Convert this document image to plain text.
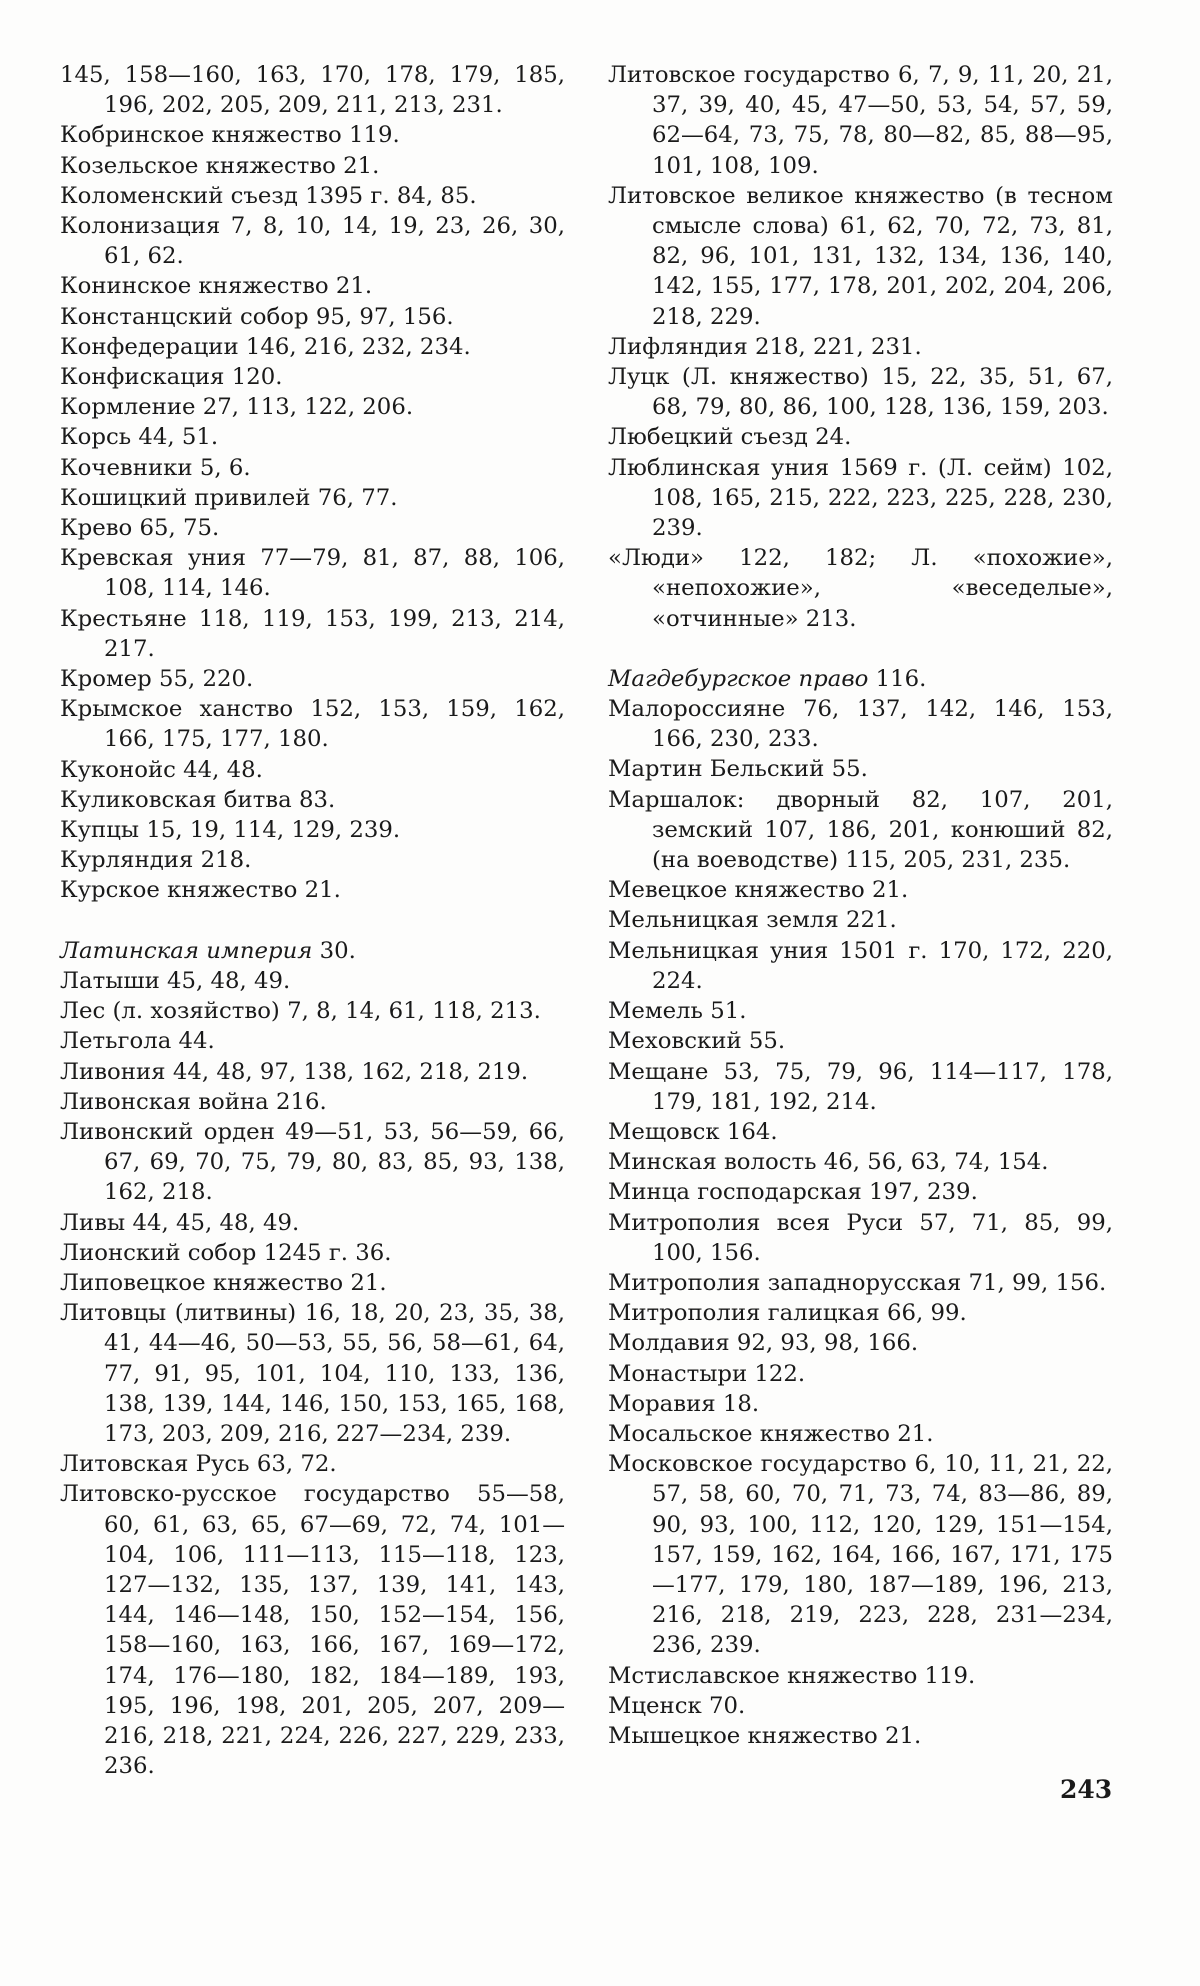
145, 158—160, 163, 170, 178, 179, 185, 196, 202, 205, 209, 211, 213, 231.

Кобринское княжество 119.

Козельское княжество 21.

Коломенский съезд 1395 г. 84, 85.

Колонизация 7, 8, 10, 14, 19, 23, 26, 30, 61, 62.

Конинское княжество 21.

Констанцский собор 95, 97, 156.

Конфедерации 146, 216, 232, 234.

Конфискация 120.

Кормление 27, 113, 122, 206.

Корсь 44, 51.

Кочевники 5, 6.

Кошицкий привилей 76, 77.

Крево 65, 75.

Кревская уния 77—79, 81, 87, 88, 106, 108, 114, 146.

Крестьяне 118, 119, 153, 199, 213, 214, 217.

Кромер 55, 220.

Крымское ханство 152, 153, 159, 162, 166, 175, 177, 180.

Куконойс 44, 48.

Куликовская битва 83.

Купцы 15, 19, 114, 129, 239.

Курляндия 218.

Курское княжество 21.

Латинская империя 30.

Латыши 45, 48, 49.

Лес (л. хозяйство) 7, 8, 14, 61, 118, 213.

Летьгола 44.

Ливония 44, 48, 97, 138, 162, 218, 219.

Ливонская война 216.

Ливонский орден 49—51, 53, 56—59, 66, 67, 69, 70, 75, 79, 80, 83, 85, 93, 138, 162, 218.

Ливы 44, 45, 48, 49.

Лионский собор 1245 г. 36.

Липовецкое княжество 21.

Литовцы (литвины) 16, 18, 20, 23, 35, 38, 41, 44—46, 50—53, 55, 56, 58—61, 64, 77, 91, 95, 101, 104, 110, 133, 136, 138, 139, 144, 146, 150, 153, 165, 168, 173, 203, 209, 216, 227—234, 239.

Литовская Русь 63, 72.

Литовско-русское государство 55—58, 60, 61, 63, 65, 67—69, 72, 74, 101—104, 106, 111—113, 115—118, 123, 127—132, 135, 137, 139, 141, 143, 144, 146—148, 150, 152—154, 156, 158—160, 163, 166, 167, 169—172, 174, 176—180, 182, 184—189, 193, 195, 196, 198, 201, 205, 207, 209—216, 218, 221, 224, 226, 227, 229, 233, 236.

Литовское государство 6, 7, 9, 11, 20, 21, 37, 39, 40, 45, 47—50, 53, 54, 57, 59, 62—64, 73, 75, 78, 80—82, 85, 88—95, 101, 108, 109.

Литовское великое княжество (в тесном смысле слова) 61, 62, 70, 72, 73, 81, 82, 96, 101, 131, 132, 134, 136, 140, 142, 155, 177, 178, 201, 202, 204, 206, 218, 229.

Лифляндия 218, 221, 231.

Луцк (Л. княжество) 15, 22, 35, 51, 67, 68, 79, 80, 86, 100, 128, 136, 159, 203.

Любецкий съезд 24.

Люблинская уния 1569 г. (Л. сейм) 102, 108, 165, 215, 222, 223, 225, 228, 230, 239.

«Люди» 122, 182; Л. «похожие», «непохожие», «веседелые», «отчинные» 213.

Магдебургское право 116.

Малороссияне 76, 137, 142, 146, 153, 166, 230, 233.

Мартин Бельский 55.

Маршалок: дворный 82, 107, 201, земский 107, 186, 201, конюший 82, (на воеводстве) 115, 205, 231, 235.

Мевецкое княжество 21.

Мельницкая земля 221.

Мельницкая уния 1501 г. 170, 172, 220, 224.

Мемель 51.

Меховский 55.

Мещане 53, 75, 79, 96, 114—117, 178, 179, 181, 192, 214.

Мещовск 164.

Минская волость 46, 56, 63, 74, 154.

Минца господарская 197, 239.

Митрополия всея Руси 57, 71, 85, 99, 100, 156.

Митрополия западнорусская 71, 99, 156.

Митрополия галицкая 66, 99.

Молдавия 92, 93, 98, 166.

Монастыри 122.

Моравия 18.

Мосальское княжество 21.

Московское государство 6, 10, 11, 21, 22, 57, 58, 60, 70, 71, 73, 74, 83—86, 89, 90, 93, 100, 112, 120, 129, 151—154, 157, 159, 162, 164, 166, 167, 171, 175—177, 179, 180, 187—189, 196, 213, 216, 218, 219, 223, 228, 231—234, 236, 239.

Мстиславское княжество 119.

Мценск 70.

Мышецкое княжество 21.

243
